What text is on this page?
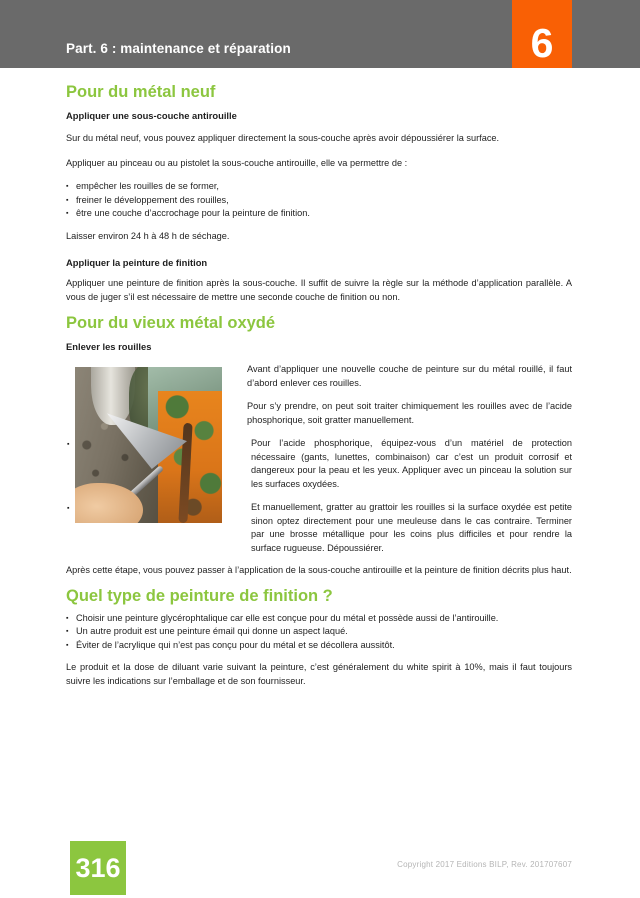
Part. 6 : maintenance et réparation	6
Pour du métal neuf
Appliquer une sous-couche antirouille

Sur du métal neuf, vous pouvez appliquer directement la sous-couche après avoir dépoussiérer la surface.

Appliquer au pinceau ou au pistolet la sous-couche antirouille, elle va permettre de :

▪ empêcher les rouilles de se former,
▪ freiner le développement des rouilles,
▪ être une couche d’accrochage pour la peinture de finition.

Laisser environ 24 h à 48 h de séchage.

Appliquer la peinture de finition

Appliquer une peinture de finition après la sous-couche. Il suffit de suivre la règle sur la méthode d’application parallèle. A vous de juger s’il est nécessaire de mettre une seconde couche de finition ou non.

Pour du vieux métal oxydé
Enlever les rouilles

Avant d’appliquer une nouvelle couche de peinture sur du métal rouillé, il faut d’abord enlever ces rouilles.

Pour s’y prendre, on peut soit traiter chimiquement les rouilles avec de l’acide phosphorique, soit gratter manuellement.

▪	Pour l’acide phosphorique, équipez-vous d’un matériel de protection nécessaire (gants, lunettes, combinaison) car c’est un produit corrosif et dangereux pour la peau et les yeux. Appliquer avec un pinceau la solution sur les surfaces oxydées.
▪	Et manuellement, gratter au grattoir les rouilles si la surface oxydée est petite sinon optez directement pour une meuleuse dans le cas contraire. Terminer par une brosse métallique pour les coins plus difficiles et pour rendre la surface rugueuse. Dépoussiérer.

Après cette étape, vous pouvez passer à l’application de la sous-couche antirouille et la peinture de finition décrits plus haut.

Quel type de peinture de finition ?
▪ Choisir une peinture glycérophtalique car elle est conçue pour du métal et possède aussi de l’antirouille.
▪ Un autre produit est une peinture émail qui donne un aspect laqué.
▪ Éviter de l’acrylique qui n’est pas conçu pour du métal et se décollera aussitôt.

Le produit et la dose de diluant varie suivant la peinture, c’est généralement du white spirit à 10%, mais il faut toujours suivre les indications sur l’emballage et de son fournisseur.

316	Copyright 2017 Editions BILP, Rev. 201707607
